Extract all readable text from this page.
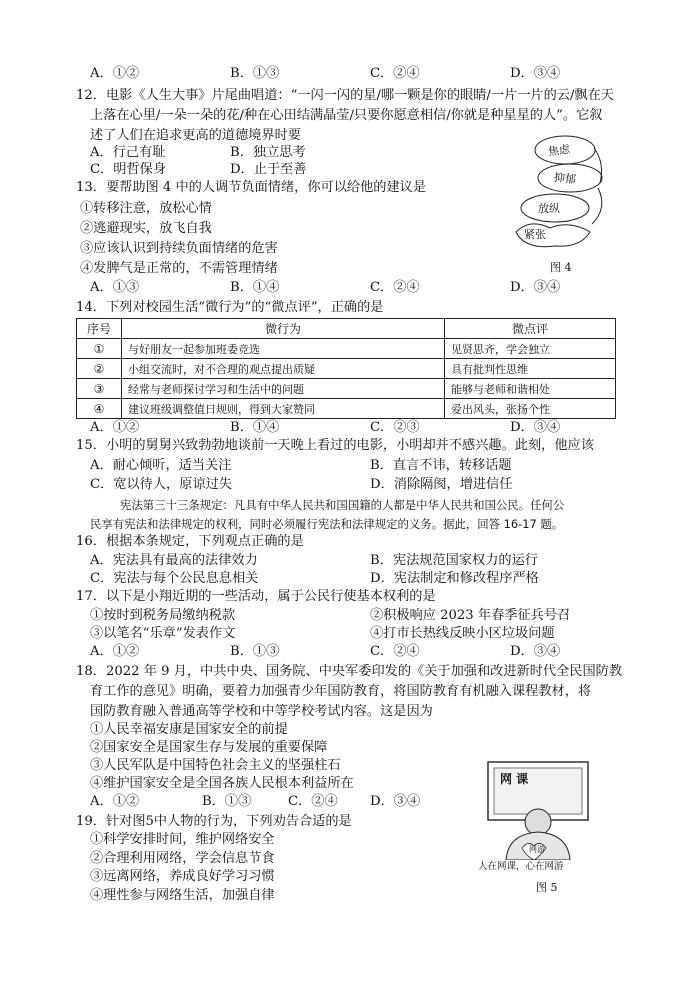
A．①②	B．①③	C．②④	D．③④
12．电影《人生大事》片尾曲唱道：“一闪一闪的星/哪一颗是你的眼睛/一片一片的云/飘在天
上落在心里/一朵一朵的花/种在心田结满晶莹/只要你愿意相信/你就是种星星的人”。它叙
述了人们在追求更高的道德境界时要
A．行己有耻	B．独立思考
C．明哲保身	D．止于至善
13．要帮助图 4 中的人调节负面情绪，你可以给他的建议是
①转移注意，放松心情
②逃避现实，放飞自我
③应该认识到持续负面情绪的危害
④发脾气是正常的，不需管理情绪
A．①③	B．①④	C．②④	D．③④
焦虑
抑郁
放纵
紧张
图 4
14．下列对校园生活“微行为”的“微点评”，正确的是
序号	微行为	微点评
①	与好朋友一起参加班委竞选	见贤思齐，学会独立
②	小组交流时，对不合理的观点提出质疑	具有批判性思维
③	经常与老师探讨学习和生活中的问题	能够与老师和谐相处
④	建议班级调整值日规则，得到大家赞同	爱出风头，张扬个性
A．①②	B．①④	C．②③	D．③④
15．小明的舅舅兴致勃勃地谈前一天晚上看过的电影，小明却并不感兴趣。此刻，他应该
A．耐心倾听，适当关注	B．直言不讳，转移话题
C．宽以待人，原谅过失	D．消除隔阂，增进信任
宪法第三十三条规定：凡具有中华人民共和国国籍的人都是中华人民共和国公民。任何公
民享有宪法和法律规定的权利，同时必须履行宪法和法律规定的义务。据此，回答 16-17 题。
16．根据本条规定，下列观点正确的是
A．宪法具有最高的法律效力	B．宪法规范国家权力的运行
C．宪法与每个公民息息相关	D．宪法制定和修改程序严格
17．以下是小翔近期的一些活动，属于公民行使基本权利的是
①按时到税务局缴纳税款	②积极响应 2023 年春季征兵号召
③以笔名“乐章”发表作文	④打市长热线反映小区垃圾问题
A．①②	B．①③	C．②④	D．③④
18．2022 年 9 月，中共中央、国务院、中央军委印发的《关于加强和改进新时代全民国防教
育工作的意见》明确，要着力加强青少年国防教育，将国防教育有机融入课程教材，将
国防教育融入普通高等学校和中等学校考试内容。这是因为
①人民幸福安康是国家安全的前提
②国家安全是国家生存与发展的重要保障
③人民军队是中国特色社会主义的坚强柱石
④维护国家安全是全国各族人民根本利益所在
A．①②	B．①③	C．②④ D．③④
19．针对图5中人物的行为，下列劝告合适的是
①科学安排时间，维护网络安全
②合理利用网络，学会信息节食
③远离网络，养成良好学习习惯
④理性参与网络生活，加强自律
网 课
网游
人在网课，心在网游
图 5
